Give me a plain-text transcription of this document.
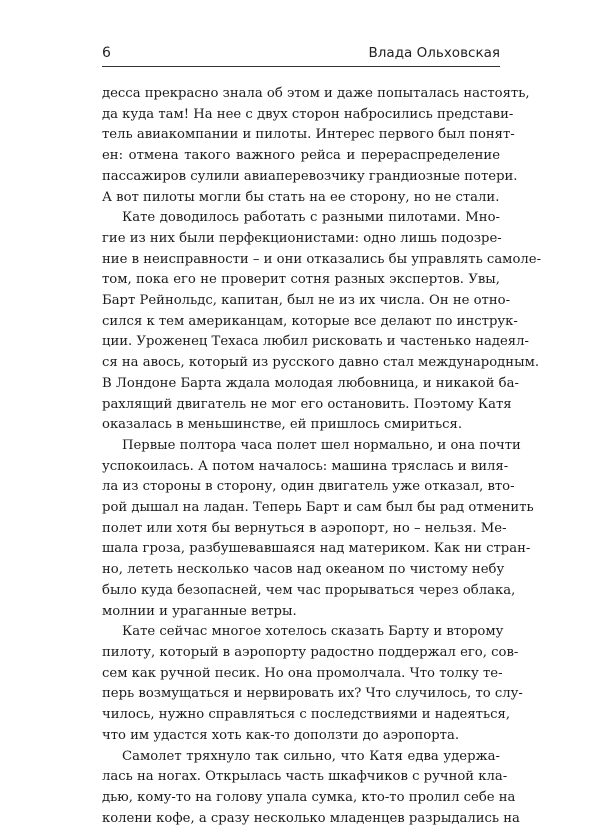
6	Влада Ольховская

десса прекрасно знала об этом и даже попыталась настоять,
да куда там! На нее с двух сторон набросились представи-
тель авиакомпании и пилоты. Интерес первого был понят-
ен: отмена такого важного рейса и перераспределение
пассажиров сулили авиаперевозчику грандиозные потери.
А вот пилоты могли бы стать на ее сторону, но не стали.

Кате доводилось работать с разными пилотами. Мно-
гие из них были перфекционистами: одно лишь подозре-
ние в неисправности – и они отказались бы управлять самоле-
том, пока его не проверит сотня разных экспертов. Увы,
Барт Рейнольдс, капитан, был не из их числа. Он не отно-
сился к тем американцам, которые все делают по инструк-
ции. Уроженец Техаса любил рисковать и частенько надеял-
ся на авось, который из русского давно стал международным.
В Лондоне Барта ждала молодая любовница, и никакой ба-
рахлящий двигатель не мог его остановить. Поэтому Катя
оказалась в меньшинстве, ей пришлось смириться.

Первые полтора часа полет шел нормально, и она почти
успокоилась. А потом началось: машина тряслась и виля-
ла из стороны в сторону, один двигатель уже отказал, вто-
рой дышал на ладан. Теперь Барт и сам был бы рад отменить
полет или хотя бы вернуться в аэропорт, но – нельзя. Ме-
шала гроза, разбушевавшаяся над материком. Как ни стран-
но, лететь несколько часов над океаном по чистому небу
было куда безопасней, чем час прорываться через облака,
молнии и ураганные ветры.

Кате сейчас многое хотелось сказать Барту и второму
пилоту, который в аэропорту радостно поддержал его, сов-
сем как ручной песик. Но она промолчала. Что толку те-
перь возмущаться и нервировать их? Что случилось, то слу-
чилось, нужно справляться с последствиями и надеяться,
что им удастся хоть как-то доползти до аэропорта.

Самолет тряхнуло так сильно, что Катя едва удержа-
лась на ногах. Открылась часть шкафчиков с ручной кла-
дью, кому-то на голову упала сумка, кто-то пролил себе на
колени кофе, а сразу несколько младенцев разрыдались на
